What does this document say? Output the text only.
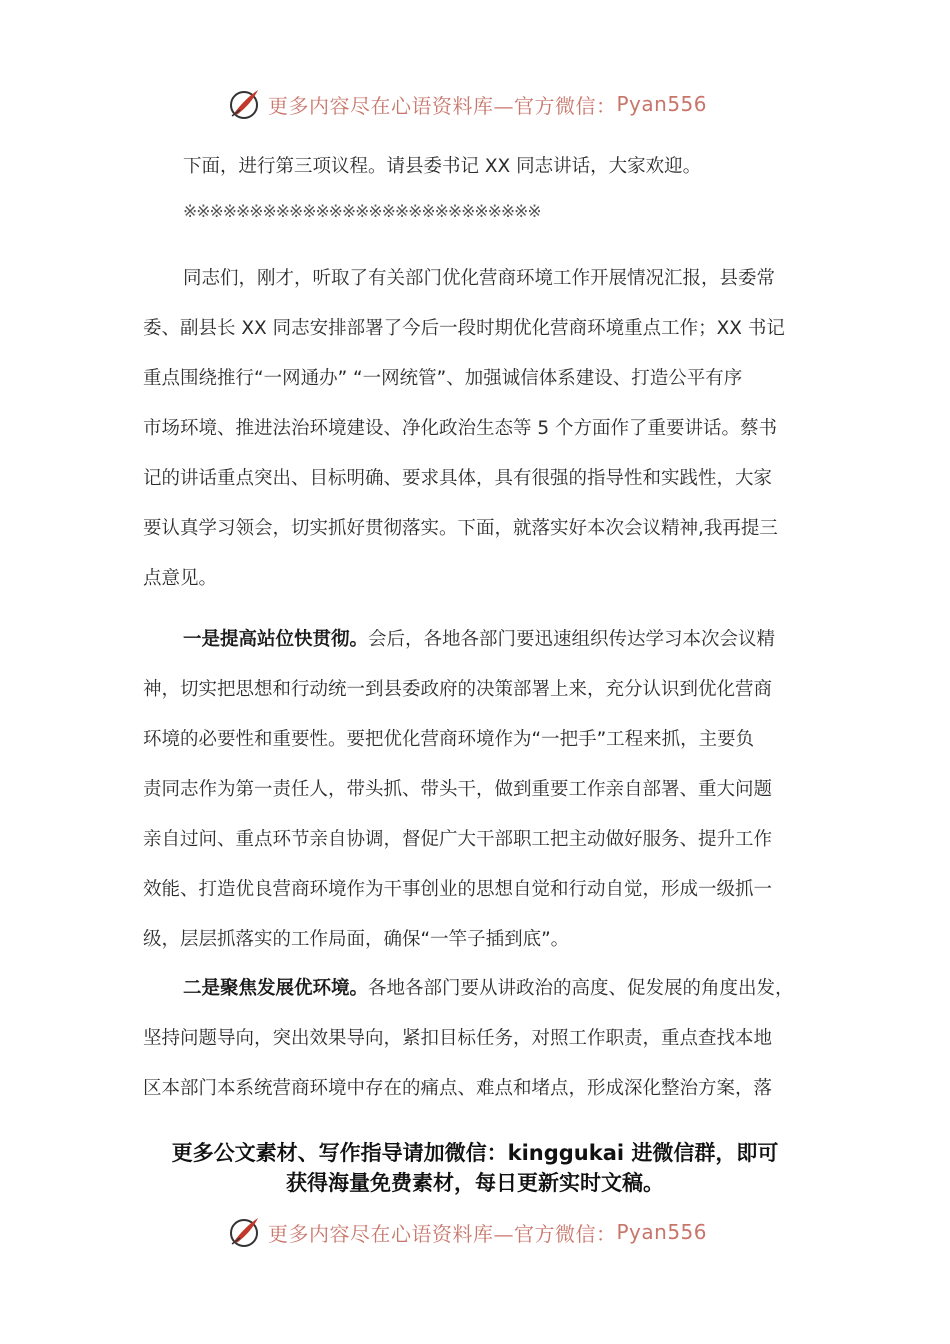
更多内容尽在心语资料库—官方微信： Pyan556
下面，进行第三项议程。请县委书记 XX 同志讲话，大家欢迎。
※※※※※※※※※※※※※※※※※※※※※※※※※※※
同志们，刚才，听取了有关部门优化营商环境工作开展情况汇报，县委常
委、副县长 XX 同志安排部署了今后一段时期优化营商环境重点工作；XX 书记
重点围绕推行“一网通办” “一网统管”、加强诚信体系建设、打造公平有序
市场环境、推进法治环境建设、净化政治生态等 5 个方面作了重要讲话。蔡书
记的讲话重点突出、目标明确、要求具体，具有很强的指导性和实践性，大家
要认真学习领会，切实抓好贯彻落实。下面，就落实好本次会议精神,我再提三
点意见。
一是提高站位快贯彻。会后，各地各部门要迅速组织传达学习本次会议精
神，切实把思想和行动统一到县委政府的决策部署上来，充分认识到优化营商
环境的必要性和重要性。要把优化营商环境作为“一把手”工程来抓，主要负
责同志作为第一责任人，带头抓、带头干，做到重要工作亲自部署、重大问题
亲自过问、重点环节亲自协调，督促广大干部职工把主动做好服务、提升工作
效能、打造优良营商环境作为干事创业的思想自觉和行动自觉，形成一级抓一
级，层层抓落实的工作局面，确保“一竿子插到底”。
二是聚焦发展优环境。各地各部门要从讲政治的高度、促发展的角度出发，
坚持问题导向，突出效果导向，紧扣目标任务，对照工作职责，重点查找本地
区本部门本系统营商环境中存在的痛点、难点和堵点，形成深化整治方案，落
更多公文素材、写作指导请加微信：kinggukai 进微信群，即可
获得海量免费素材，每日更新实时文稿。
更多内容尽在心语资料库—官方微信： Pyan556
